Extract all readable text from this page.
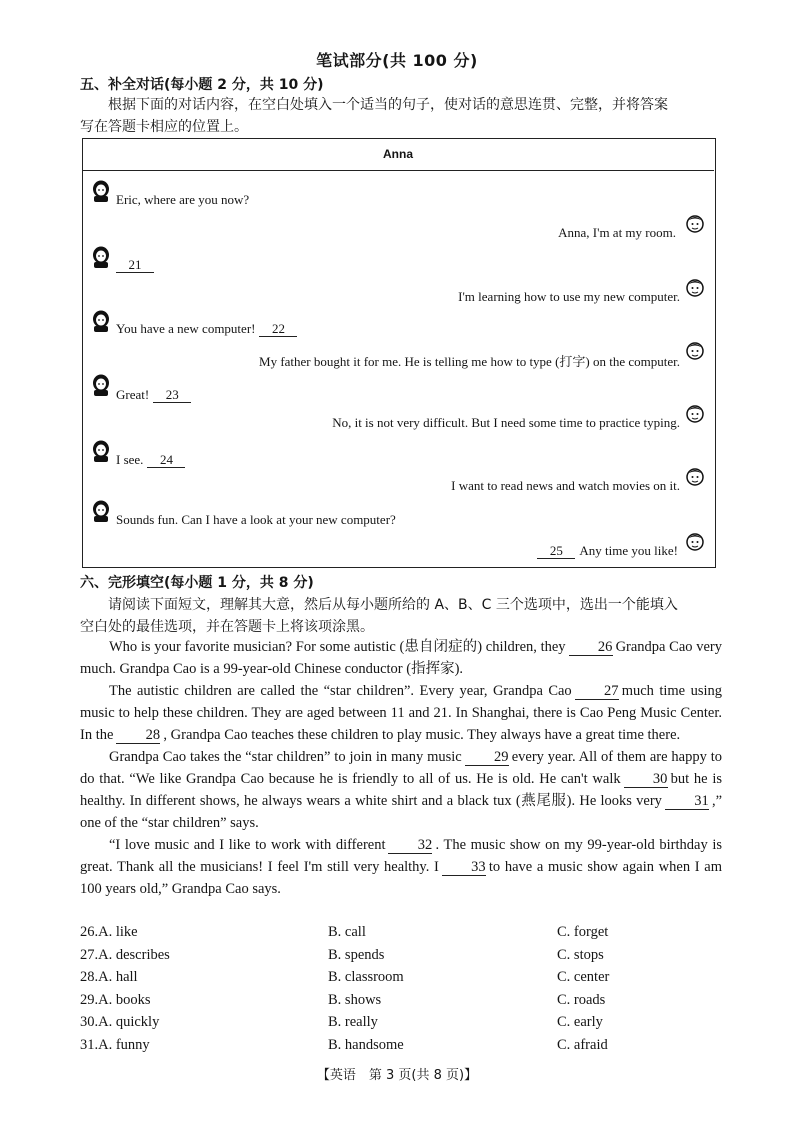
笔试部分(共 100 分)
五、补全对话(每小题 2 分，共 10 分)
根据下面的对话内容，在空白处填入一个适当的句子，使对话的意思连贯、完整，并将答案
写在答题卡相应的位置上。
Anna
Eric, where are you now?
Anna, I'm at my room.
21
I'm learning how to use my new computer.
You have a new computer! 22
My father bought it for me. He is telling me how to type (打字) on the computer.
Great! 23
No, it is not very difficult. But I need some time to practice typing.
I see. 24
I want to read news and watch movies on it.
Sounds fun. Can I have a look at your new computer?
25 Any time you like!
六、完形填空(每小题 1 分，共 8 分)
请阅读下面短文，理解其大意，然后从每小题所给的 A、B、C 三个选项中，选出一个能填入
空白处的最佳选项，并在答题卡上将该项涂黑。

Who is your favorite musician? For some autistic (患自闭症的) children, they 26 Grandpa Cao very much. Grandpa Cao is a 99-year-old Chinese conductor (指挥家).

The autistic children are called the “star children”. Every year, Grandpa Cao 27 much time using music to help these children. They are aged between 11 and 21. In Shanghai, there is Cao Peng Music Center. In the 28 , Grandpa Cao teaches these children to play music. They always have a great time there.

Grandpa Cao takes the “star children” to join in many music 29 every year. All of them are happy to do that. “We like Grandpa Cao because he is friendly to all of us. He is old. He can't walk 30 but he is healthy. In different shows, he always wears a white shirt and a black tux (燕尾服). He looks very 31 ,” one of the “star children” says.

“I love music and I like to work with different 32 . The music show on my 99-year-old birthday is great. Thank all the musicians! I feel I'm still very healthy. I 33 to have a music show again when I am 100 years old,” Grandpa Cao says.

26.A. like	B. call	C. forget
27.A. describes	B. spends	C. stops
28.A. hall	B. classroom	C. center
29.A. books	B. shows	C. roads
30.A. quickly	B. really	C. early
31.A. funny	B. handsome	C. afraid
【英语　第 3 页(共 8 页)】
